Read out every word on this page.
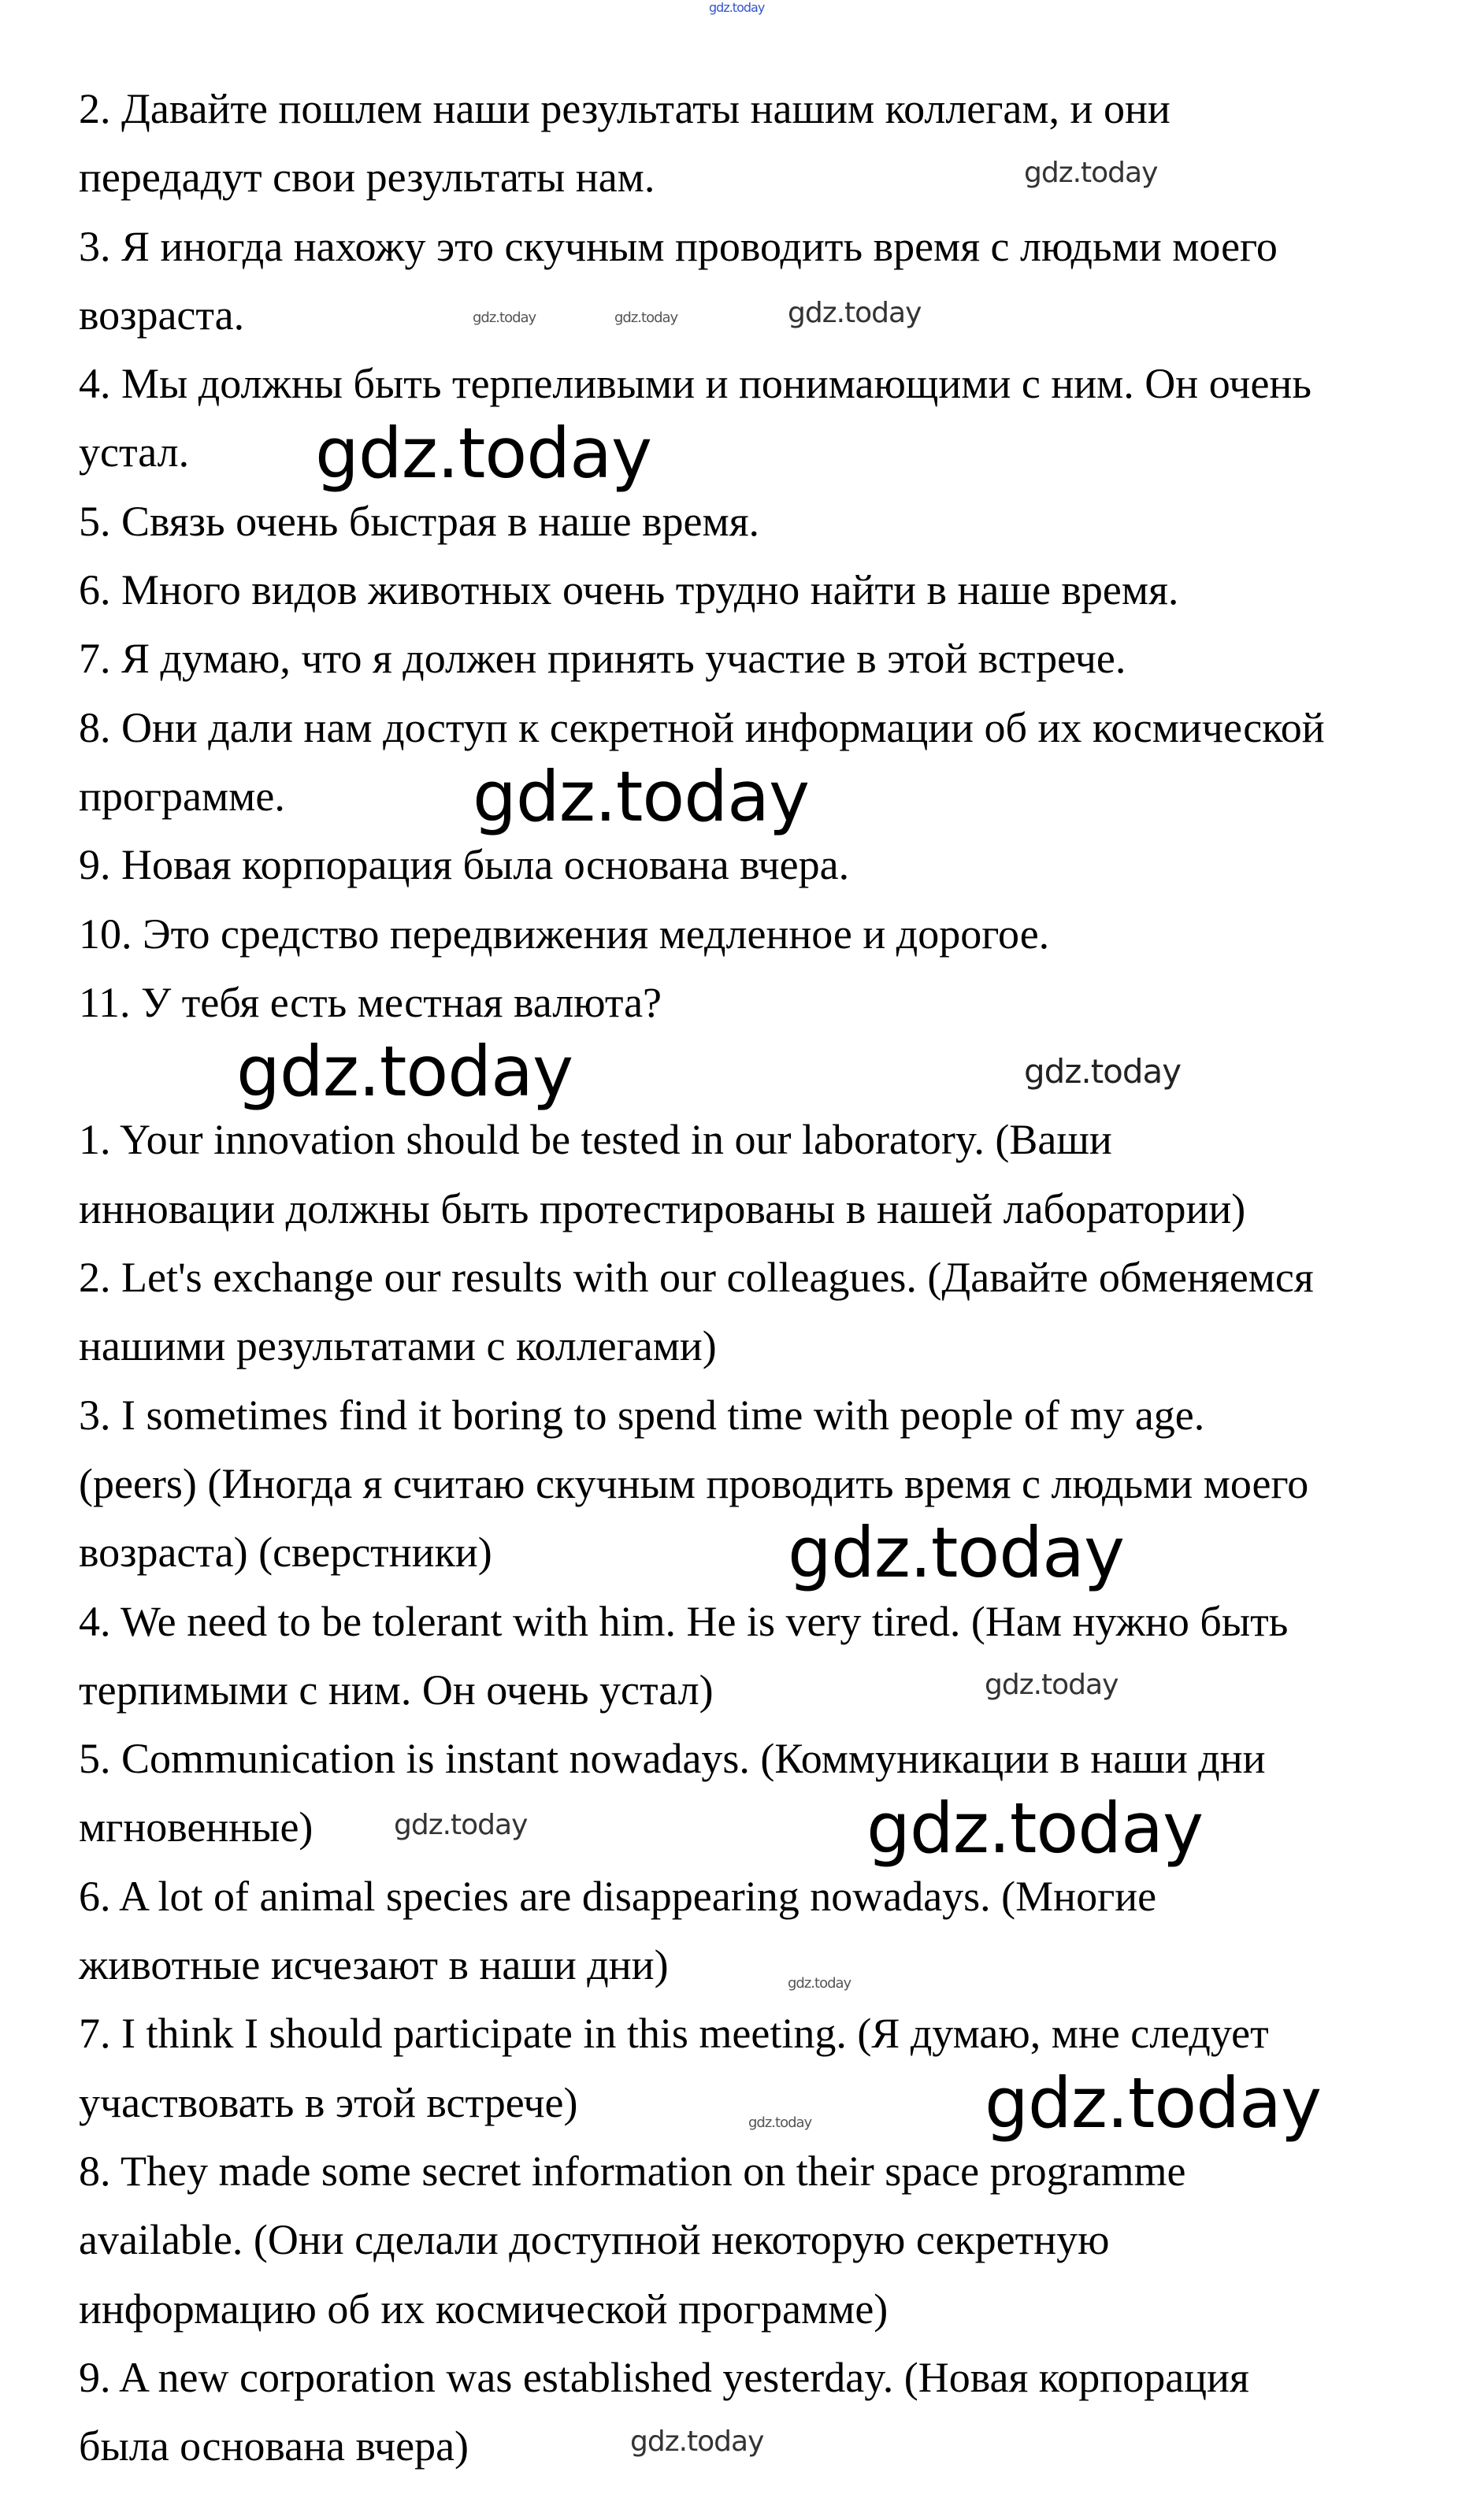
2. Давайте пошлем наши результаты нашим коллегам, и они
передадут свои результаты нам.
3. Я иногда нахожу это скучным проводить время с людьми моего
возраста.
4. Мы должны быть терпеливыми и понимающими с ним. Он очень
устал.
5. Связь очень быстрая в наше время.
6. Много видов животных очень трудно найти в наше время.
7. Я думаю, что я должен принять участие в этой встрече.
8. Они дали нам доступ к секретной информации об их космической
программе.
9. Новая корпорация была основана вчера.
10. Это средство передвижения медленное и дорогое.
11. У тебя есть местная валюта?
1. Your innovation should be tested in our laboratory. (Ваши
инновации должны быть протестированы в нашей лаборатории)
2. Let's exchange our results with our colleagues. (Давайте обменяемся
нашими результатами с коллегами)
3. I sometimes find it boring to spend time with people of my age.
(peers) (Иногда я считаю скучным проводить время с людьми моего
возраста) (сверстники)
4. We need to be tolerant with him. He is very tired. (Нам нужно быть
терпимыми с ним. Он очень устал)
5. Communication is instant nowadays. (Коммуникации в наши дни
мгновенные)
6. A lot of animal species are disappearing nowadays. (Многие
животные исчезают в наши дни)
7. I think I should participate in this meeting. (Я думаю, мне следует
участвовать в этой встрече)
8. They made some secret information on their space programme
available. (Они сделали доступной некоторую секретную
информацию об их космической программе)
9. A new corporation was established yesterday. (Новая корпорация
была основана вчера)
gdz.today
gdz.today
gdz.today
gdz.today	gdz.today
gdz.today
gdz.today
gdz.today	gdz.today
gdz.today
gdz.today
gdz.today	gdz.today
gdz.today
gdz.today gdz.today
gdz.today
